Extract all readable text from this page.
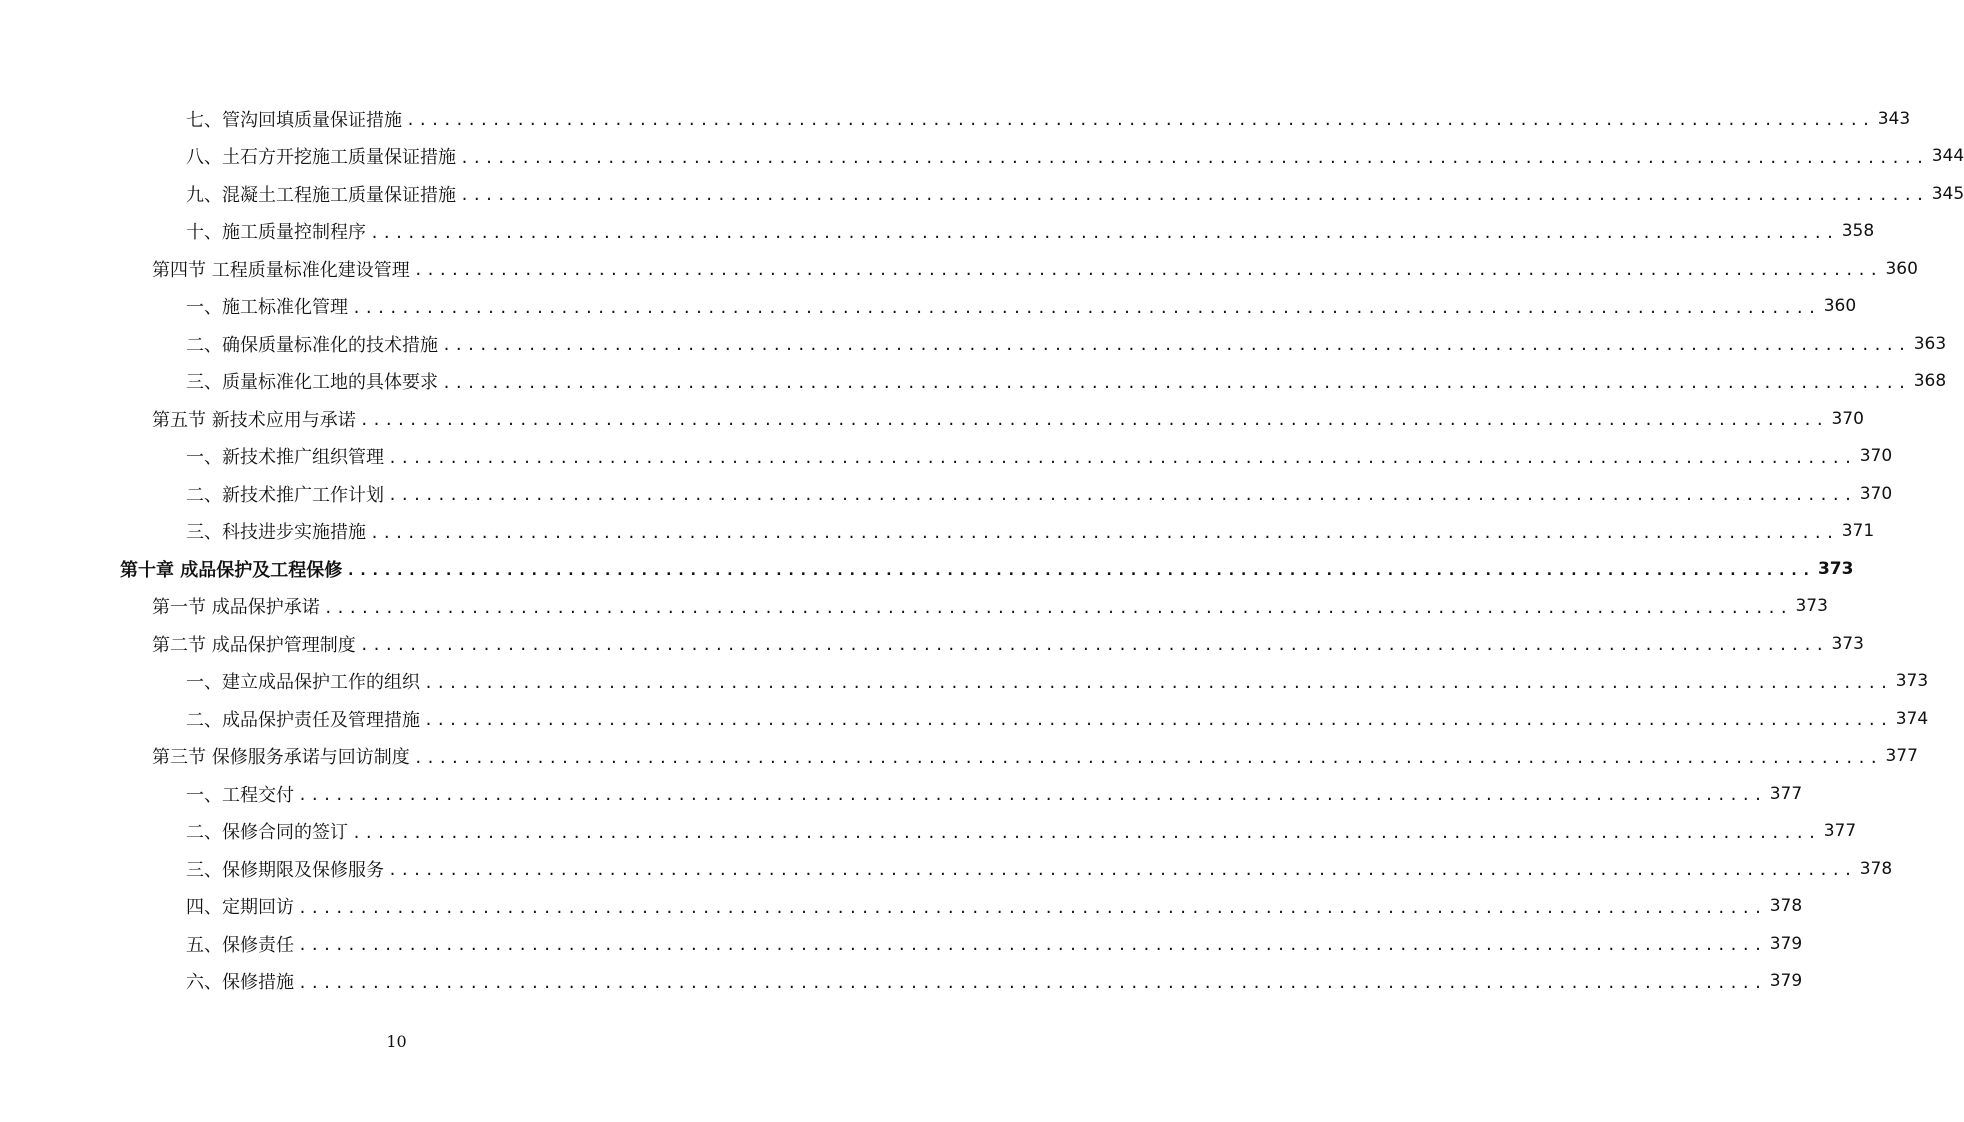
七、管沟回填质量保证措施 ........................................................................................................................ 343
八、土石方开挖施工质量保证措施 ........................................................................................................................ 344
九、混凝土工程施工质量保证措施 ........................................................................................................................ 345
十、施工质量控制程序 ........................................................................................................................ 358
第四节 工程质量标准化建设管理 ........................................................................................................................ 360
一、施工标准化管理 ........................................................................................................................ 360
二、确保质量标准化的技术措施 ........................................................................................................................ 363
三、质量标准化工地的具体要求 ........................................................................................................................ 368
第五节 新技术应用与承诺 ........................................................................................................................ 370
一、新技术推广组织管理 ........................................................................................................................ 370
二、新技术推广工作计划 ........................................................................................................................ 370
三、科技进步实施措施 ........................................................................................................................ 371
第十章 成品保护及工程保修 ........................................................................................................................ 373
第一节 成品保护承诺 ........................................................................................................................ 373
第二节 成品保护管理制度 ........................................................................................................................ 373
一、建立成品保护工作的组织 ........................................................................................................................ 373
二、成品保护责任及管理措施 ........................................................................................................................ 374
第三节 保修服务承诺与回访制度 ........................................................................................................................ 377
一、工程交付 ........................................................................................................................ 377
二、保修合同的签订 ........................................................................................................................ 377
三、保修期限及保修服务 ........................................................................................................................ 378
四、定期回访 ........................................................................................................................ 378
五、保修责任 ........................................................................................................................ 379
六、保修措施 ........................................................................................................................ 379
10
